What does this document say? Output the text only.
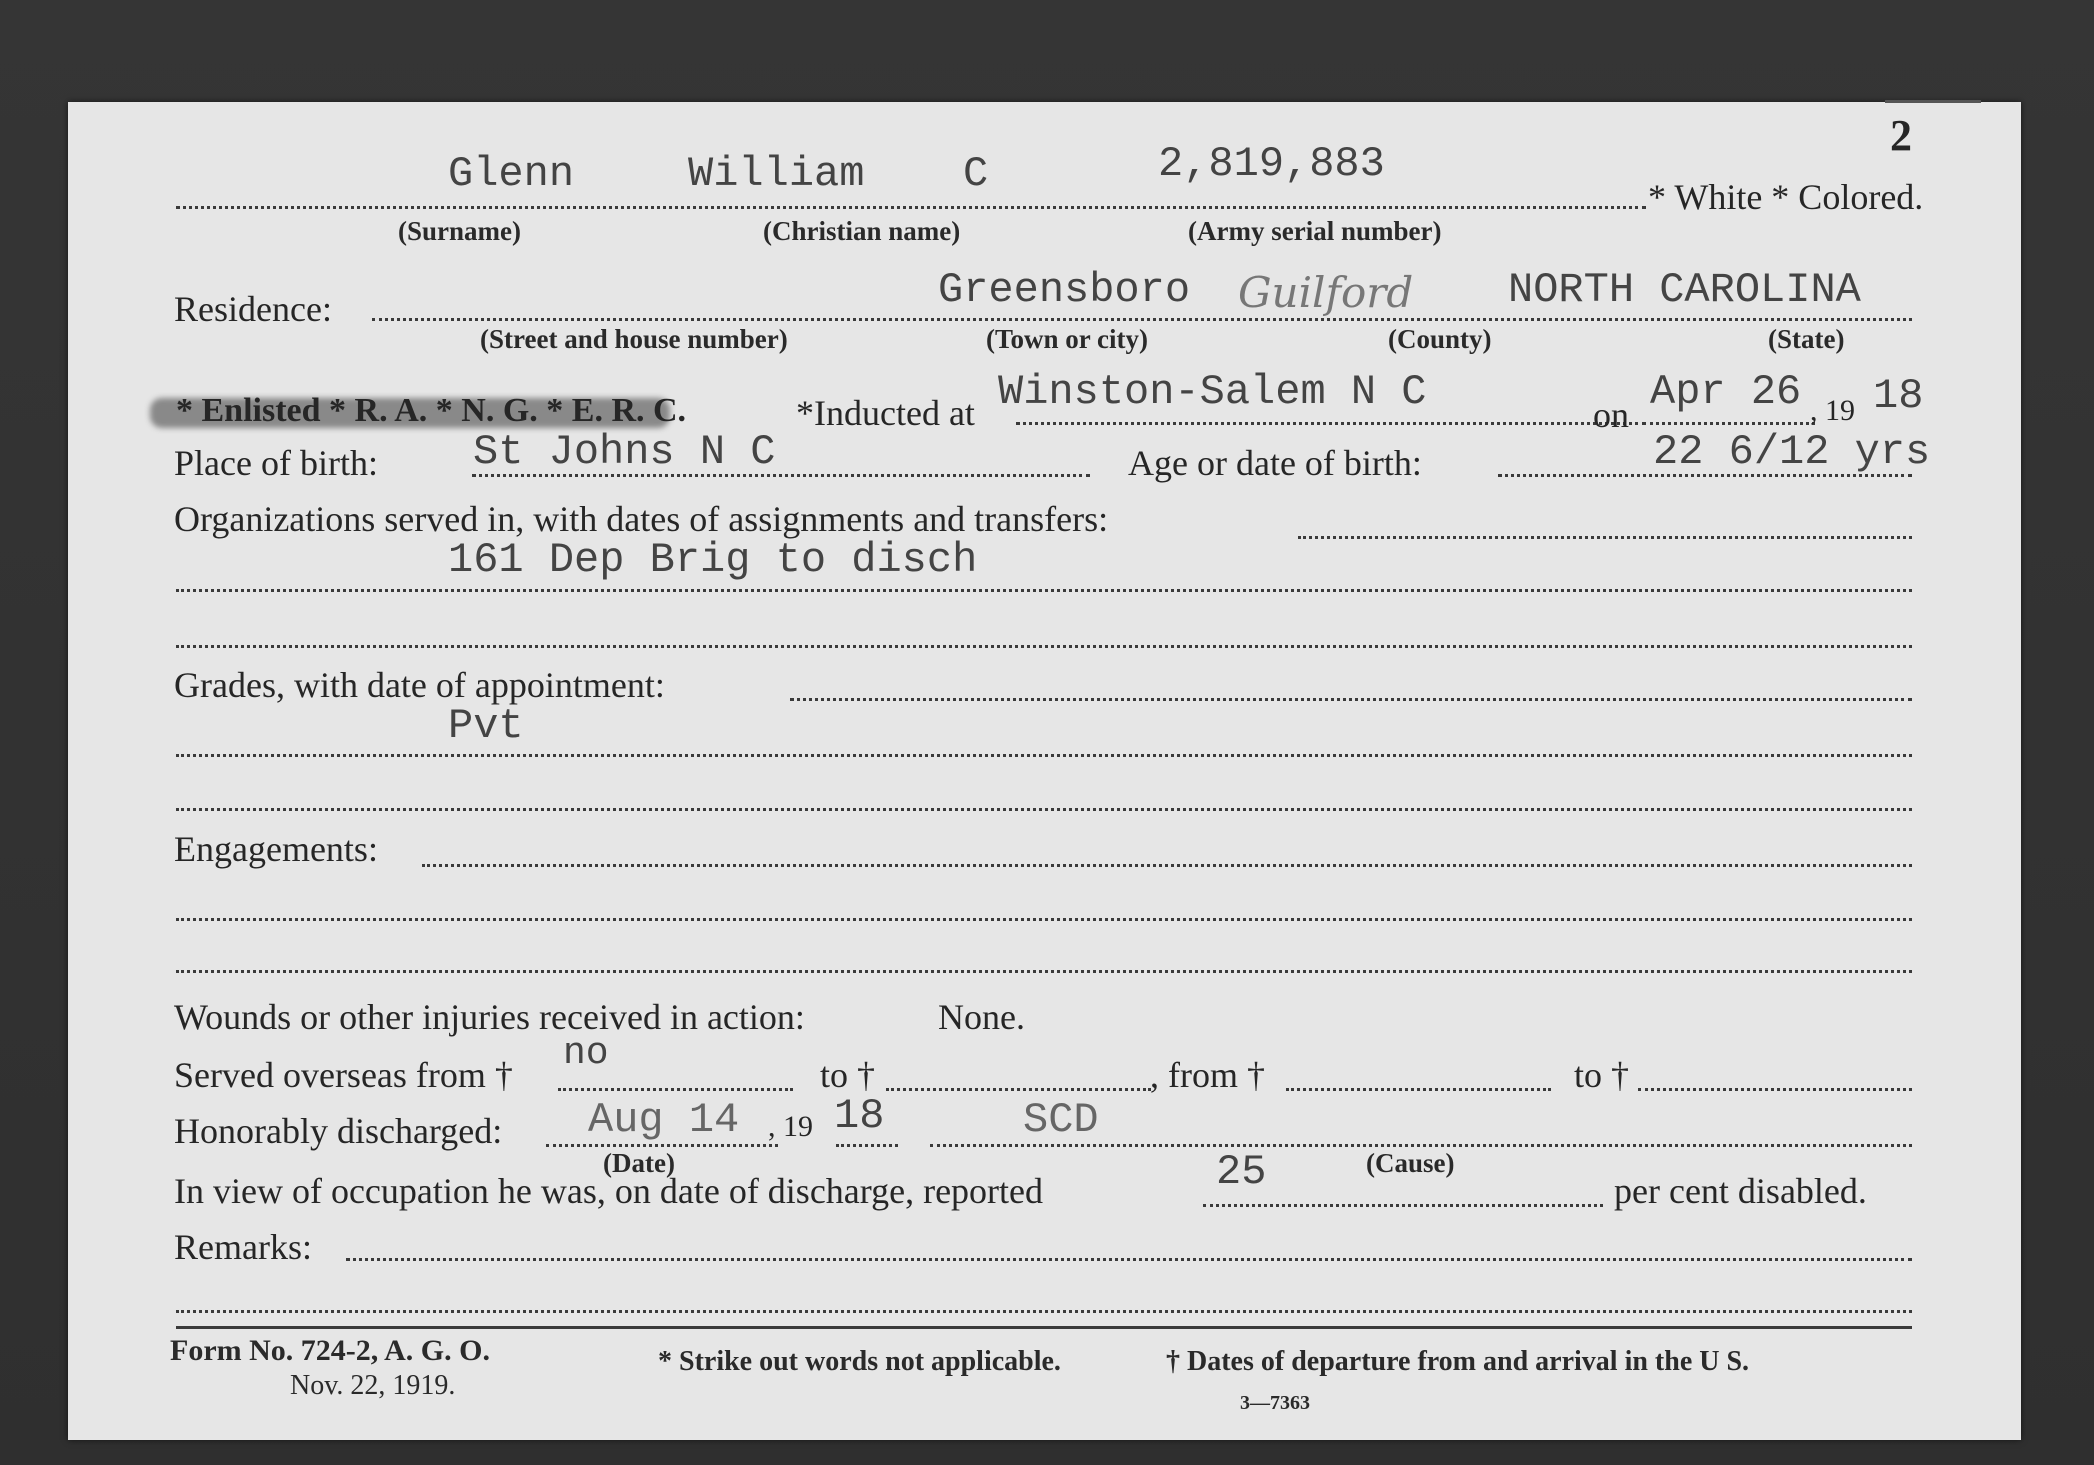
2
Glenn	William C	2,819,883
* White * Colored.
(Surname)	(Christian name)	(Army serial number)
Residence:	Greensboro Guilford NORTH CAROLINA
(Street and house number)	(Town or city)	(County)	(State)
* Enlisted * R. A. * N. G. * E. R. C.	*Inducted at Winston-Salem N C	on Apr 26 , 19 18
Place of birth: St Johns N C	Age or date of birth:	22 6/12 yrs
Organizations served in, with dates of assignments and transfers:
161 Dep Brig to disch
Grades, with date of appointment:
Pvt
Engagements:
Wounds or other injuries received in action:	None.
Served overseas from † no	to †	, from †	to †
Honorably discharged: Aug 14 , 19 18	SCD
(Date)	(Cause)
In view of occupation he was, on date of discharge, reported	25	per cent disabled.
Remarks:
Form No. 724-2, A. G. O.
Nov. 22, 1919.
* Strike out words not applicable.	† Dates of departure from and arrival in the U S.
3—7363
